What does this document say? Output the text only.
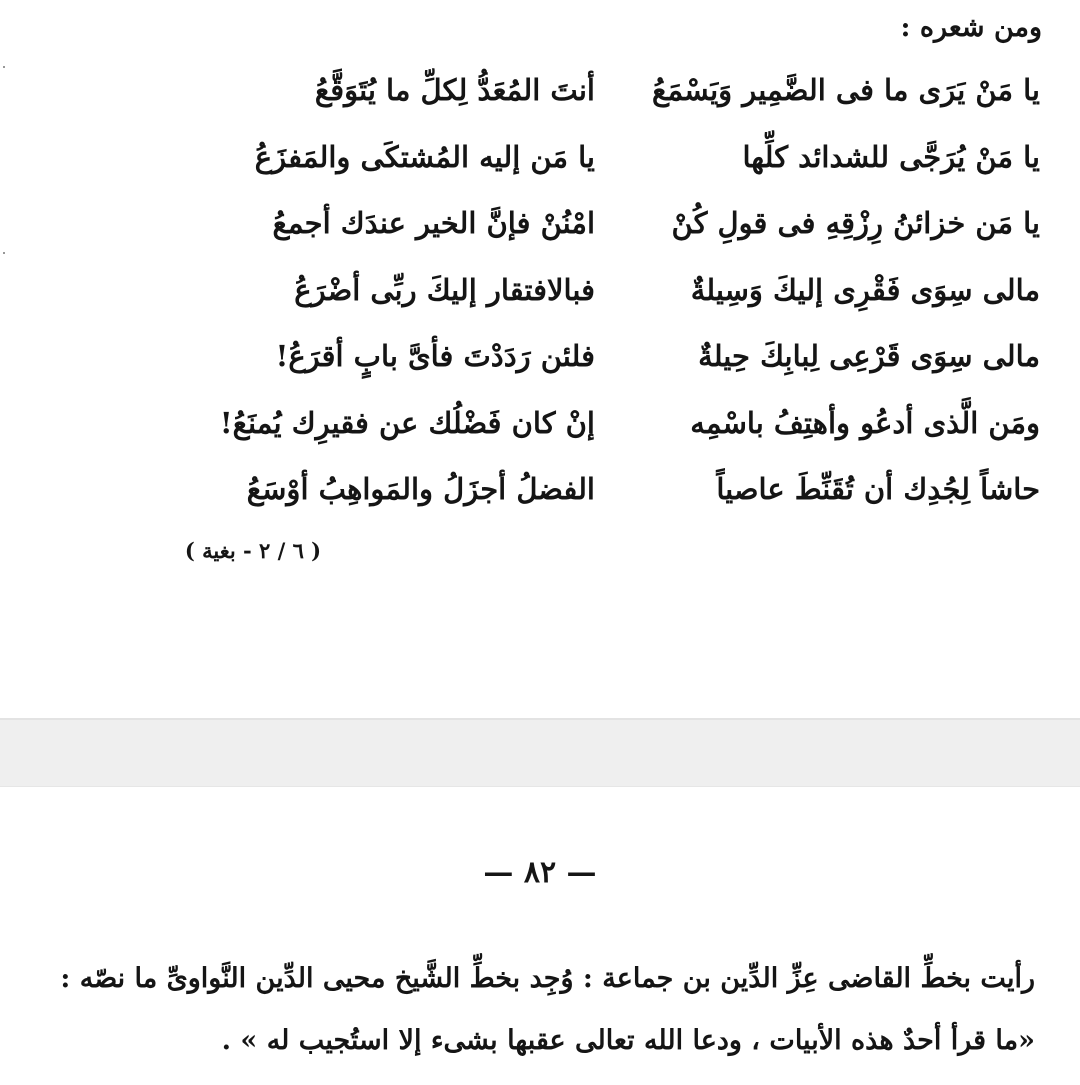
ومن شعره :
يا مَنْ يَرَى ما فى الضَّمِير وَيَسْمَعُ
أنتَ المُعَدُّ لِكلِّ ما يُتَوَقَّعُ
يا مَنْ يُرَجَّى للشدائد كلِّها
يا مَن إليه المُشتكَى والمَفزَعُ
يا مَن خزائنُ رِزْقِهِ فى قولِ كُنْ
امْنُنْ فإنَّ الخير عندَك أجمعُ
مالى سِوَى فَقْرِى إليكَ وَسِيلةٌ
فبالافتقار إليكَ ربِّى أضْرَعُ
مالى سِوَى قَرْعِى لِبابِكَ حِيلةٌ
فلئن رَدَدْتَ فأىَّ بابٍ أقرَعُ!
ومَن الَّذى أدعُو وأهتِفُ باسْمِه
إنْ كان فَضْلُك عن فقيرِك يُمنَعُ!
حاشاً لِجُدِك أن تُقَنِّطَ عاصياً
الفضلُ أجزَلُ والمَواهِبُ أوْسَعُ
( ٦ / ٢ - بغية )
— ٨٢ —

رأيت بخطِّ القاضى عِزِّ الدِّين بن جماعة : وُجِد بخطِّ الشَّيخ محيى الدِّين النَّواوىِّ ما نصّه :

«ما قرأ أحدٌ هذه الأبيات ، ودعا الله تعالى عقبها بشىء إلا استُجيب له » .
